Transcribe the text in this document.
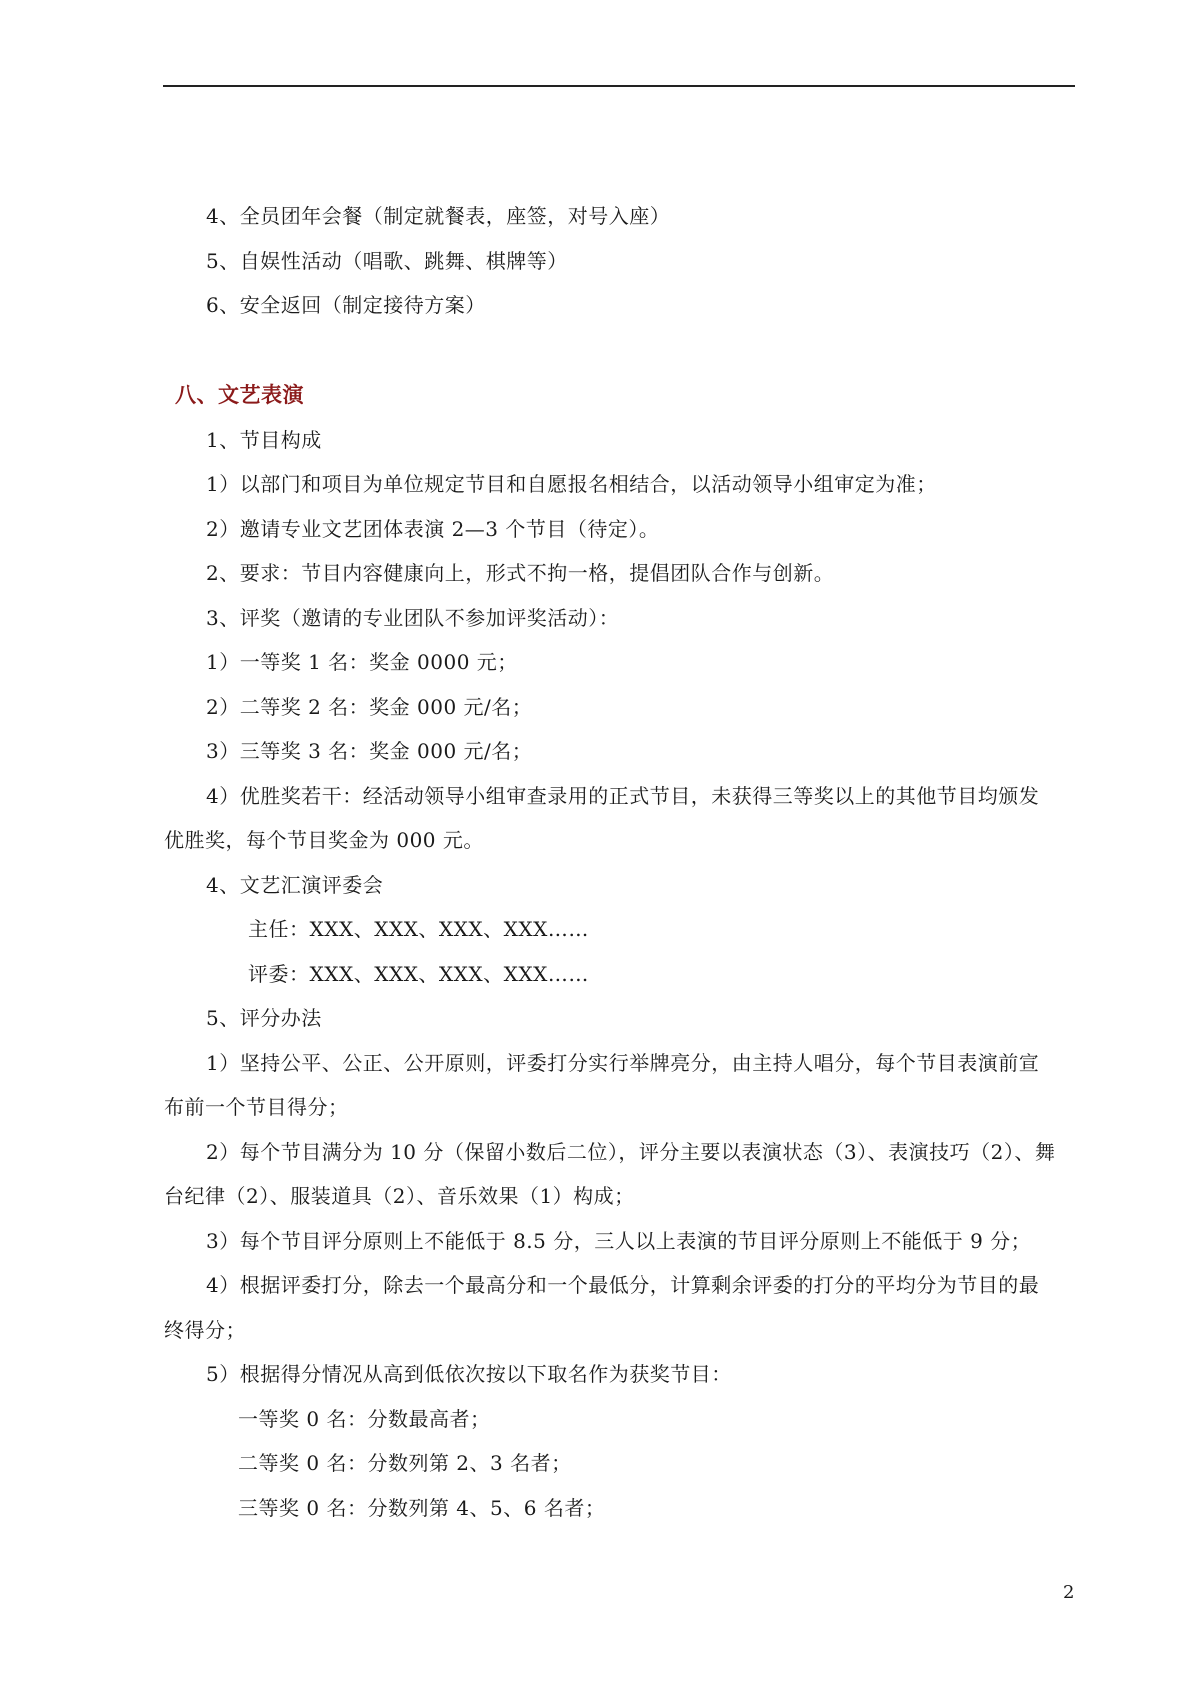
4、全员团年会餐（制定就餐表，座签，对号入座）
5、自娱性活动（唱歌、跳舞、棋牌等）
6、安全返回（制定接待方案）
八、文艺表演
1、节目构成
1）以部门和项目为单位规定节目和自愿报名相结合，以活动领导小组审定为准；
2）邀请专业文艺团体表演 2—3 个节目（待定）。
2、要求：节目内容健康向上，形式不拘一格，提倡团队合作与创新。
3、评奖（邀请的专业团队不参加评奖活动）：
1）一等奖 1 名：奖金 0000 元；
2）二等奖 2 名：奖金 000 元/名；
3）三等奖 3 名：奖金 000 元/名；
4）优胜奖若干：经活动领导小组审查录用的正式节目，未获得三等奖以上的其他节目均颁发
优胜奖，每个节目奖金为 000 元。
4、文艺汇演评委会
主任：XXX、XXX、XXX、XXX……
评委：XXX、XXX、XXX、XXX……
5、评分办法
1）坚持公平、公正、公开原则，评委打分实行举牌亮分，由主持人唱分，每个节目表演前宣
布前一个节目得分；
2）每个节目满分为 10 分（保留小数后二位），评分主要以表演状态（3）、表演技巧（2）、舞
台纪律（2）、服装道具（2）、音乐效果（1）构成；
3）每个节目评分原则上不能低于 8.5 分，三人以上表演的节目评分原则上不能低于 9 分；
4）根据评委打分，除去一个最高分和一个最低分，计算剩余评委的打分的平均分为节目的最
终得分；
5）根据得分情况从高到低依次按以下取名作为获奖节目：
一等奖 0 名：分数最高者；
二等奖 0 名：分数列第 2、3 名者；
三等奖 0 名：分数列第 4、5、6 名者；
2
